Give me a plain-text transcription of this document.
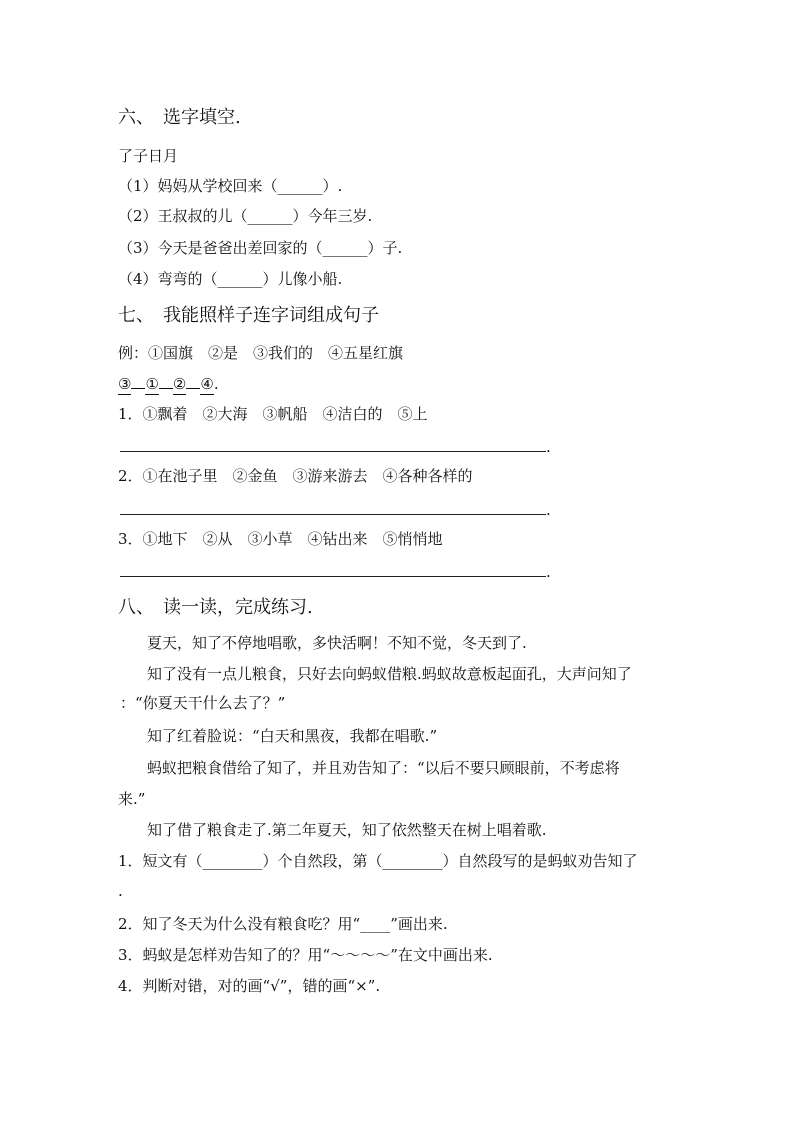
六、　选字填空.
了子日月
（1）妈妈从学校回来（______）.
（2）王叔叔的儿（______）今年三岁.
（3）今天是爸爸出差回家的（______）子.
（4）弯弯的（______）儿像小船.
七、　我能照样子连字词组成句子
例：①国旗　②是　③我们的　④五星红旗
③ ① ② ④.
1．①飘着　②大海　③帆船　④洁白的　⑤上
.
2．①在池子里　②金鱼　③游来游去　④各种各样的
.
3．①地下　②从　③小草　④钻出来　⑤悄悄地
.
八、　读一读，完成练习.
夏天，知了不停地唱歌，多快活啊！不知不觉，冬天到了.
知了没有一点儿粮食，只好去向蚂蚁借粮.蚂蚁故意板起面孔，大声问知了
：“你夏天干什么去了？”
知了红着脸说：“白天和黑夜，我都在唱歌.”
蚂蚁把粮食借给了知了，并且劝告知了：“以后不要只顾眼前，不考虑将
来.”
知了借了粮食走了.第二年夏天，知了依然整天在树上唱着歌.
1．短文有（________）个自然段，第（________）自然段写的是蚂蚁劝告知了
.
2．知了冬天为什么没有粮食吃？用“____”画出来.
3．蚂蚁是怎样劝告知了的？用“～～～～”在文中画出来.
4．判断对错，对的画“√”，错的画“×”.
